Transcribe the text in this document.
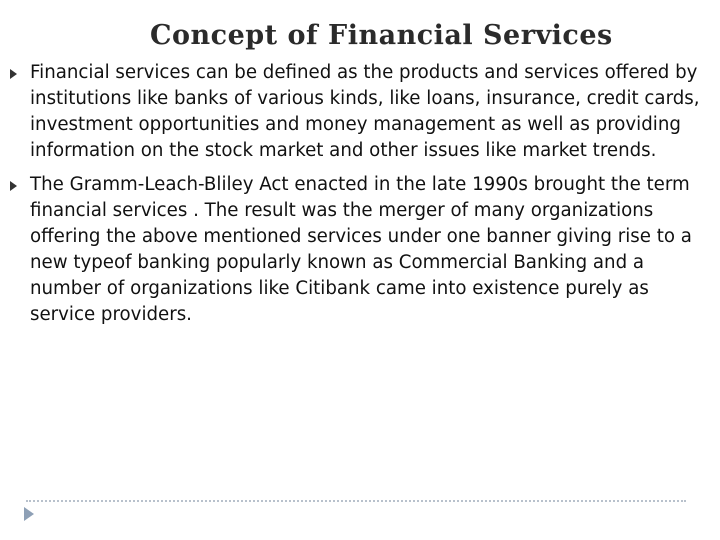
Concept of Financial Services
Financial services can be defined as the products and services offered by institutions like banks of various kinds, like loans, insurance, credit cards, investment opportunities and money management as well as providing information on the stock market and other issues like market trends.
The Gramm-Leach-Bliley Act enacted in the late 1990s brought the term financial services . The result was the merger of many organizations offering the above mentioned services under one banner giving rise to a new typeof banking popularly known as Commercial Banking and a number of organizations like Citibank came into existence purely as service providers.
